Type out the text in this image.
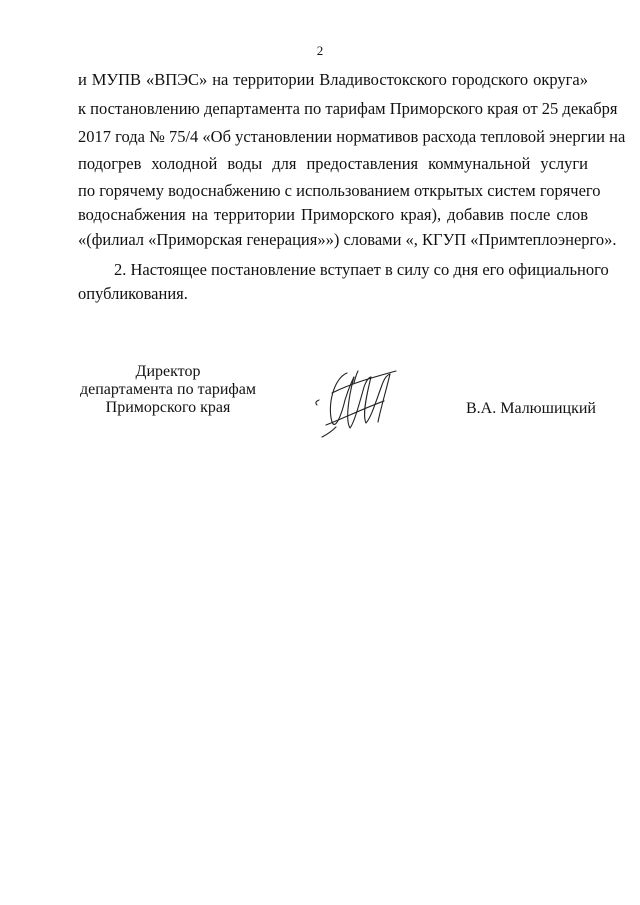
2
и МУПВ «ВПЭС» на территории Владивостокского городского округа»
к постановлению департамента по тарифам Приморского края от 25 декабря
2017 года № 75/4 «Об установлении нормативов расхода тепловой энергии на
подогрев холодной воды для предоставления коммунальной услуги
по горячему водоснабжению с использованием открытых систем горячего
водоснабжения на территории Приморского края), добавив после слов
«(филиал «Приморская генерация»») словами «, КГУП «Примтеплоэнерго».
2. Настоящее постановление вступает в силу со дня его официального
опубликования.
Директор
департамента по тарифам
Приморского края	В.А. Малюшицкий
